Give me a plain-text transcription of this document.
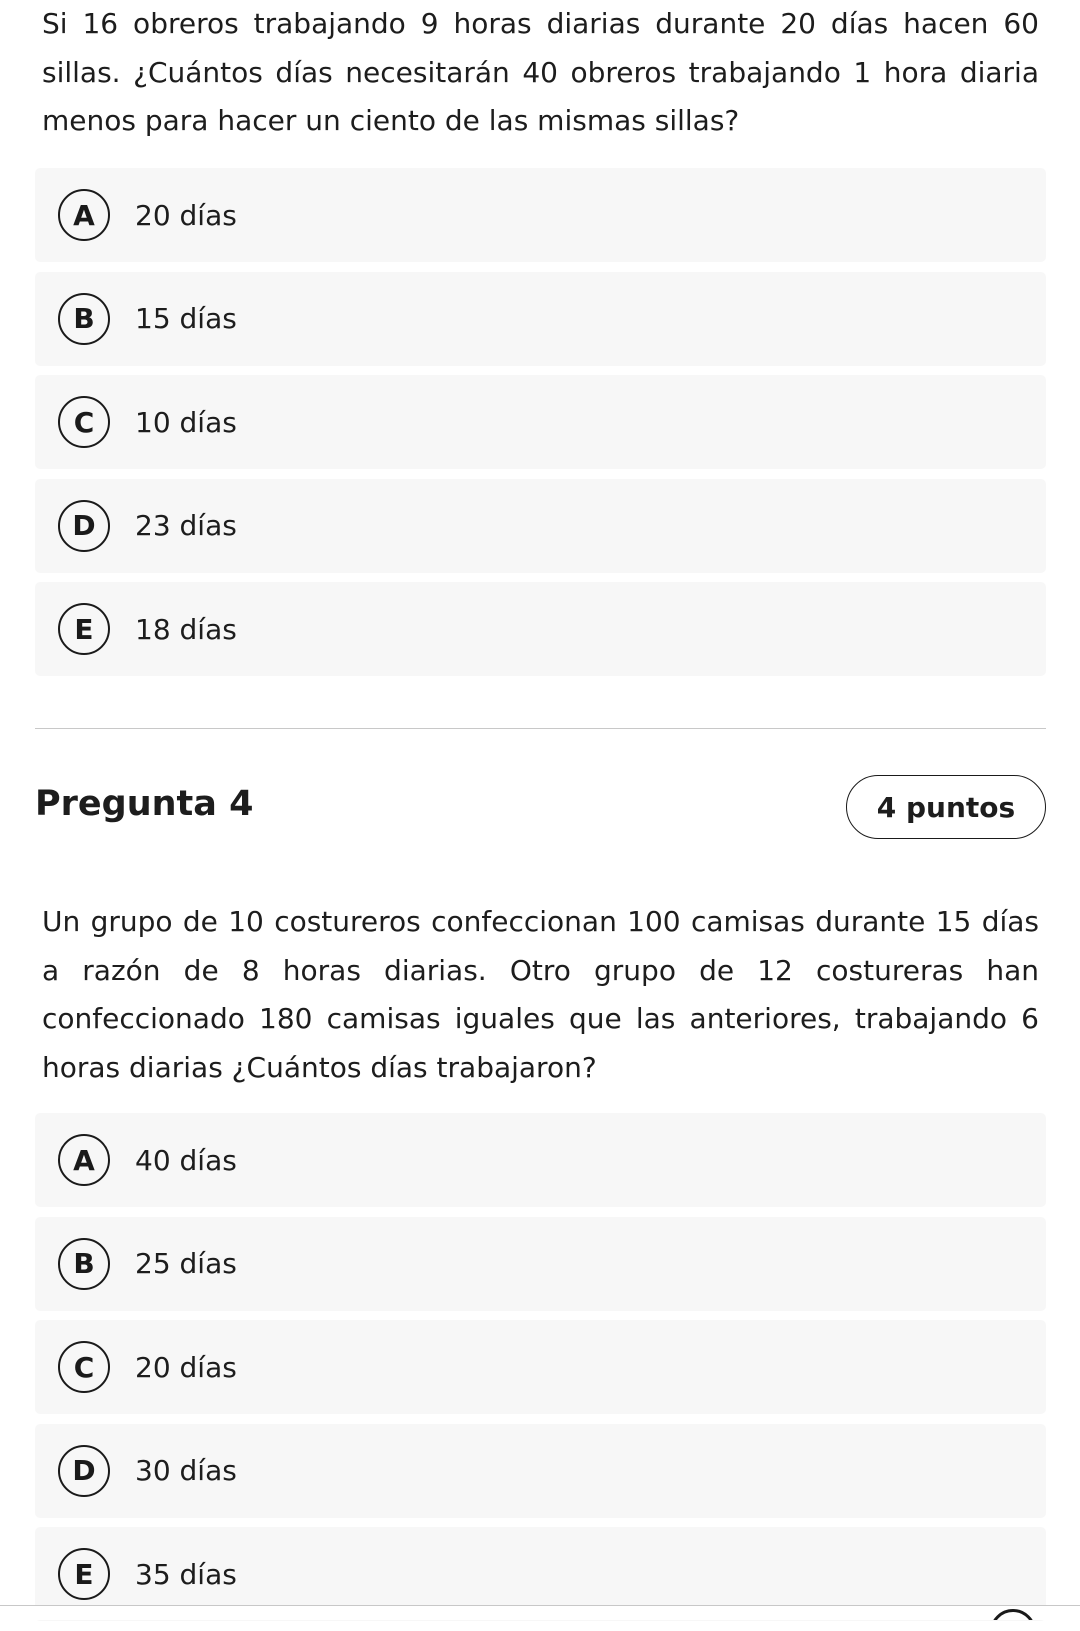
Si 16 obreros trabajando 9 horas diarias durante 20 días hacen 60 sillas. ¿Cuántos días necesitarán 40 obreros trabajando 1 hora diaria menos para hacer un ciento de las mismas sillas?

A	20 días
B	15 días
C	10 días
D	23 días
E	18 días
Pregunta 4	4 puntos

Un grupo de 10 costureros confeccionan 100 camisas durante 15 días a razón de 8 horas diarias. Otro grupo de 12 costureras han confeccionado 180 camisas iguales que las anteriores, trabajando 6 horas diarias ¿Cuántos días trabajaron?

A	40 días
B	25 días
C	20 días
D	30 días
E	35 días
